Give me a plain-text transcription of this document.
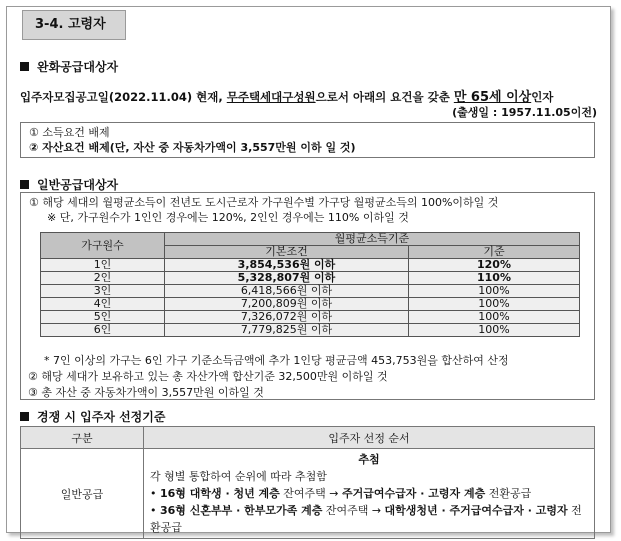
3-4. 고령자
완화공급대상자
입주자모집공고일(2022.11.04) 현재, 무주택세대구성원으로서 아래의 요건을 갖춘 만 65세 이상인자
(출생일 : 1957.11.05이전)
① 소득요건 배제
② 자산요건 배제(단, 자산 중 자동차가액이 3,557만원 이하 일 것)
일반공급대상자
① 해당 세대의 월평균소득이 전년도 도시근로자 가구원수별 가구당 월평균소득의 100%이하일 것
※ 단, 가구원수가 1인인 경우에는 120%, 2인인 경우에는 110% 이하일 것
가구원수	월평균소득기준	
	기본조건	기준
1인	3,854,536원 이하	120%
2인	5,328,807원 이하	110%
3인	6,418,566원 이하	100%
4인	7,200,809원 이하	100%
5인	7,326,072원 이하	100%
6인	7,779,825원 이하	100%
* 7인 이상의 가구는 6인 가구 기준소득금액에 추가 1인당 평균금액 453,753원을 합산하여 산정
② 해당 세대가 보유하고 있는 총 자산가액 합산기준 32,500만원 이하일 것
③ 총 자산 중 자동차가액이 3,557만원 이하일 것
경쟁 시 입주자 선정기준
구분	입주자 선정 순서
일반공급	추첨
각 형별 통합하여 순위에 따라 추첨함
• 16형 대학생 · 청년 계층 잔여주택 → 주거급여수급자 · 고령자 계층 전환공급
• 36형 신혼부부 · 한부모가족 계층 잔여주택 → 대학생청년 · 주거급여수급자 · 고령자 전환공급
